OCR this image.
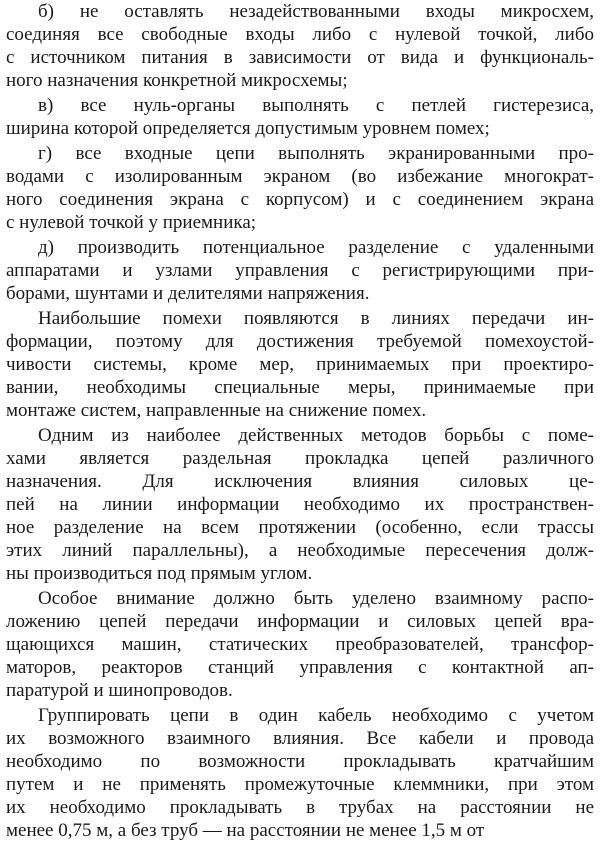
б) не оставлять незадействованными входы микросхем,
соединяя все свободные входы либо с нулевой точкой, либо
с источником питания в зависимости от вида и функциональ-
ного назначения конкретной микросхемы;
в) все нуль-органы выполнять с петлей гистерезиса,
ширина которой определяется допустимым уровнем помех;
г) все входные цепи выполнять экранированными про-
водами с изолированным экраном (во избежание многократ-
ного соединения экрана с корпусом) и с соединением экрана
с нулевой точкой у приемника;
д) производить потенциальное разделение с удаленными
аппаратами и узлами управления с регистрирующими при-
борами, шунтами и делителями напряжения.
Наибольшие помехи появляются в линиях передачи ин-
формации, поэтому для достижения требуемой помехоустой-
чивости системы, кроме мер, принимаемых при проектиро-
вании, необходимы специальные меры, принимаемые при
монтаже систем, направленные на снижение помех.
Одним из наиболее действенных методов борьбы с поме-
хами является раздельная прокладка цепей различного
назначения. Для исключения влияния силовых це-
пей на линии информации необходимо их пространствен-
ное разделение на всем протяжении (особенно, если трассы
этих линий параллельны), а необходимые пересечения долж-
ны производиться под прямым углом.
Особое внимание должно быть уделено взаимному распо-
ложению цепей передачи информации и силовых цепей вра-
щающихся машин, статических преобразователей, трансфор-
маторов, реакторов станций управления с контактной ап-
паратурой и шинопроводов.
Группировать цепи в один кабель необходимо с учетом
их возможного взаимного влияния. Все кабели и провода
необходимо по возможности прокладывать кратчайшим
путем и не применять промежуточные клеммники, при этом
их необходимо прокладывать в трубах на расстоянии не
менее 0,75 м, а без труб — на расстоянии не менее 1,5 м от
